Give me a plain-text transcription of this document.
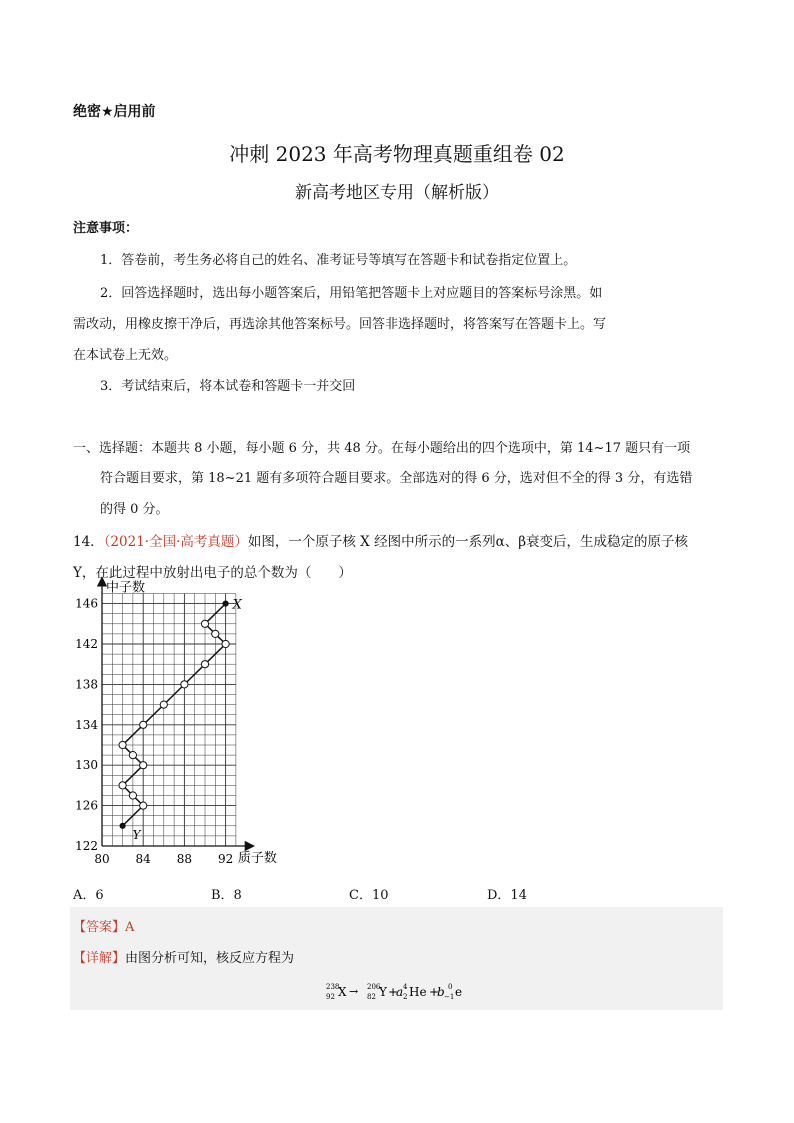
绝密★启用前
冲刺 2023 年高考物理真题重组卷 02
新高考地区专用（解析版）
注意事项：
1．答卷前，考生务必将自己的姓名、准考证号等填写在答题卡和试卷指定位置上。
2．回答选择题时，选出每小题答案后，用铅笔把答题卡上对应题目的答案标号涂黑。如
需改动，用橡皮擦干净后，再选涂其他答案标号。回答非选择题时，将答案写在答题卡上。写
在本试卷上无效。
3．考试结束后，将本试卷和答题卡一并交回
一、选择题：本题共 8 小题，每小题 6 分，共 48 分。在每小题给出的四个选项中，第 14~17 题只有一项
符合题目要求，第 18~21 题有多项符合题目要求。全部选对的得 6 分，选对但不全的得 3 分，有选错
的得 0 分。
14．（2021·全国·高考真题）如图，一个原子核 X 经图中所示的一系列α、β衰变后，生成稳定的原子核
Y，在此过程中放射出电子的总个数为（　　）
80 84 88 92
122
126
130
134
138
142
146
质子数
中子数
X
Y
A．6	B．8	C．10	D．14
【答案】A
【详解】由图分析可知，核反应方程为
238
92 X → 206
82 Y +
a 4
2 He +
b 0
−1 e
